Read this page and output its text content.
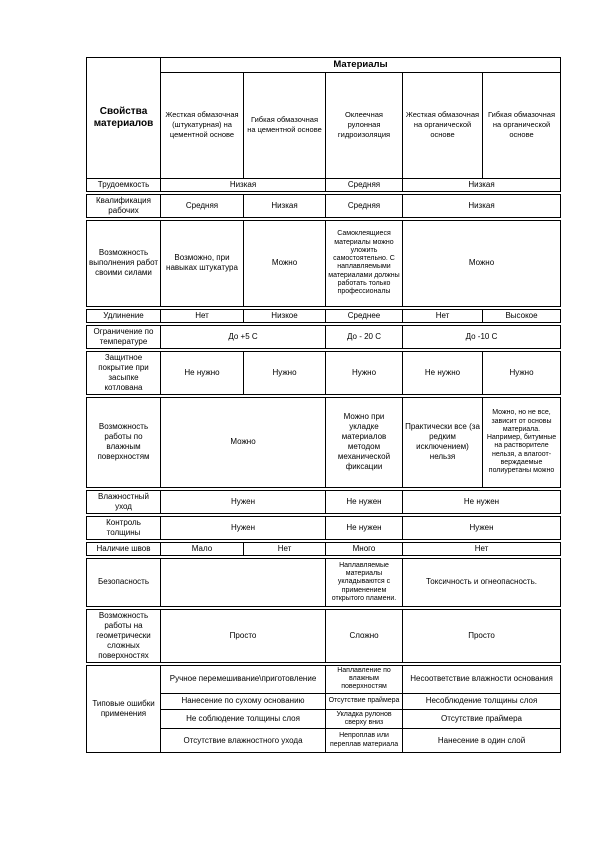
Свойства материалов	Материалы				
	Жесткая обмазочная (штукатурная) на цементной основе	Гибкая обмазочная на цементной основе	Оклеечная рулонная гидроизоляция	Жесткая обмазочная на органической основе	Гибкая обмазочная на органической основе
Трудоемкость	Низкая		Средняя	Низкая	
Квалификация рабочих	Средняя	Низкая	Средняя	Низкая
Возможность выполнения работ своими силами	Возможно, при навыках штукатура	Можно	Самоклеящиеся материалы можно уложить самостоятельно. С наплавляемыми материалами должны работать только профессионалы	Можно
Удлинение	Нет	Низкое	Среднее	Нет	Высокое
Ограничение по температуре	До +5 С	До - 20 С	До -10 С
Защитное покрытие при засыпке котлована	Не нужно	Нужно	Нужно	Не нужно	Нужно
Возможность работы по влажным поверхностям	Можно	Можно при укладке материалов методом механической фиксации	Практически все (за редким исключением) нельзя	Можно, но не все, зависит от основы материала. Например, битумные на растворителе нельзя, а влагоот-верждаемые полиуретаны можно
Влажностный уход	Нужен	Не нужен	Не нужен
Контроль толщины	Нужен	Не нужен	Нужен
Наличие швов	Мало	Нет	Много	Нет
Безопасность		Наплавляемые материалы укладываются с применением открытого пламени.	Токсичность и огнеопасность.
Возможность работы на геометрически сложных поверхностях	Просто	Сложно	Просто
Типовые ошибки применения	Ручное перемешивание\приготовление	Наплавление по влажным поверхностям	Несоответствие влажности основания
	Нанесение по сухому основанию	Отсутствие праймера	Несоблюдение толщины слоя
	Не соблюдение толщины слоя	Укладка рулонов сверху вниз	Отсутствие праймера
	Отсутствие влажностного ухода	Непроплав или переплав материала	Нанесение в один слой
